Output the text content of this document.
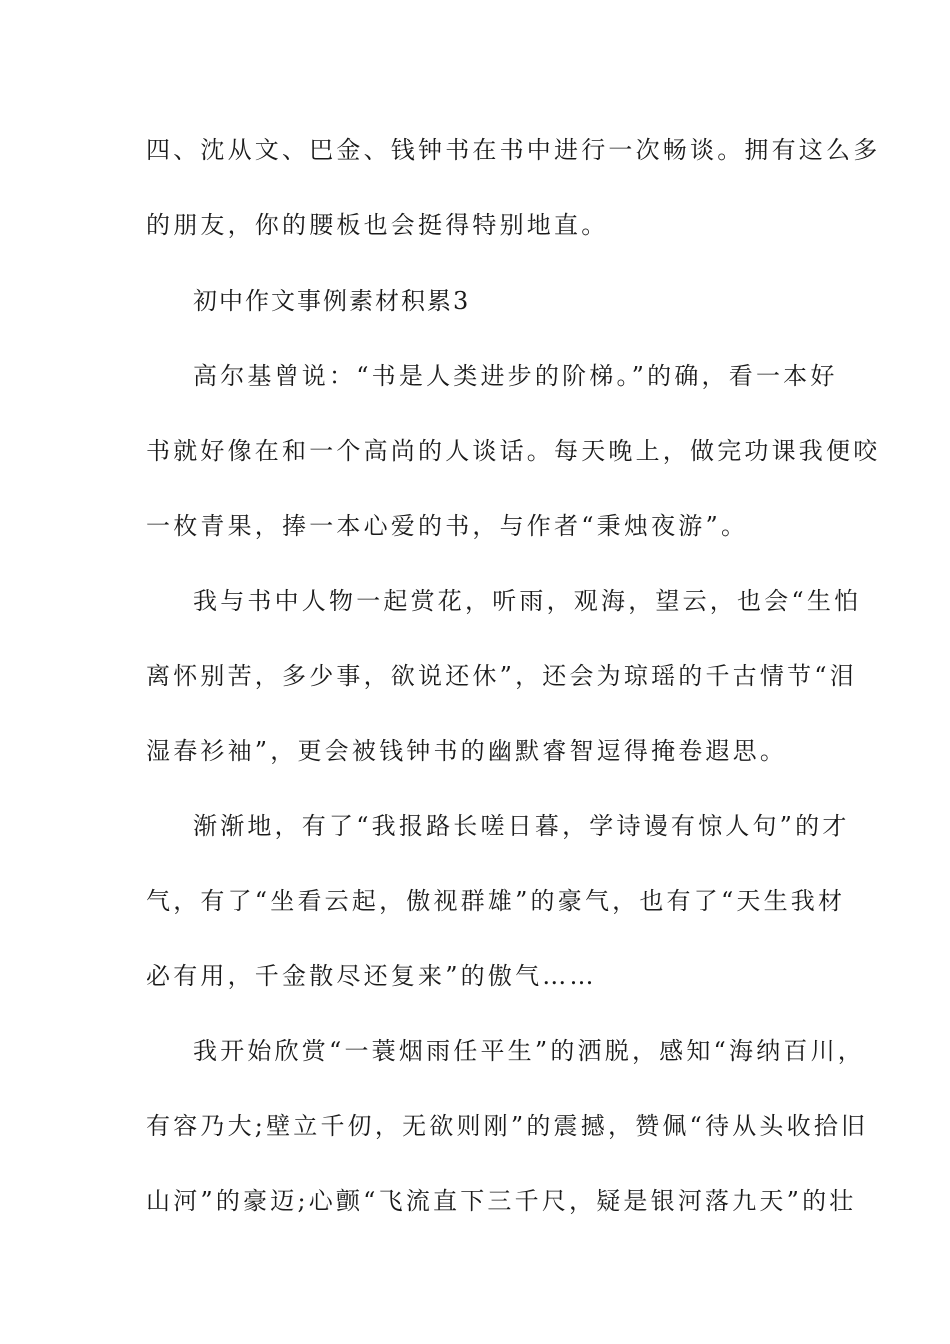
四、沈从文、巴金、钱钟书在书中进行一次畅谈。拥有这么多

的朋友，你的腰板也会挺得特别地直。

初中作文事例素材积累3

高尔基曾说：“书是人类进步的阶梯。”的确，看一本好

书就好像在和一个高尚的人谈话。每天晚上，做完功课我便咬

一枚青果，捧一本心爱的书，与作者“秉烛夜游”。

我与书中人物一起赏花，听雨，观海，望云，也会“生怕

离怀别苦，多少事，欲说还休”，还会为琼瑶的千古情节“泪

湿春衫袖”，更会被钱钟书的幽默睿智逗得掩卷遐思。

渐渐地，有了“我报路长嗟日暮，学诗谩有惊人句”的才

气，有了“坐看云起，傲视群雄”的豪气，也有了“天生我材

必有用，千金散尽还复来”的傲气……

我开始欣赏“一蓑烟雨任平生”的洒脱，感知“海纳百川，

有容乃大;壁立千仞，无欲则刚”的震撼，赞佩“待从头收拾旧

山河”的豪迈;心颤“飞流直下三千尺，疑是银河落九天”的壮
